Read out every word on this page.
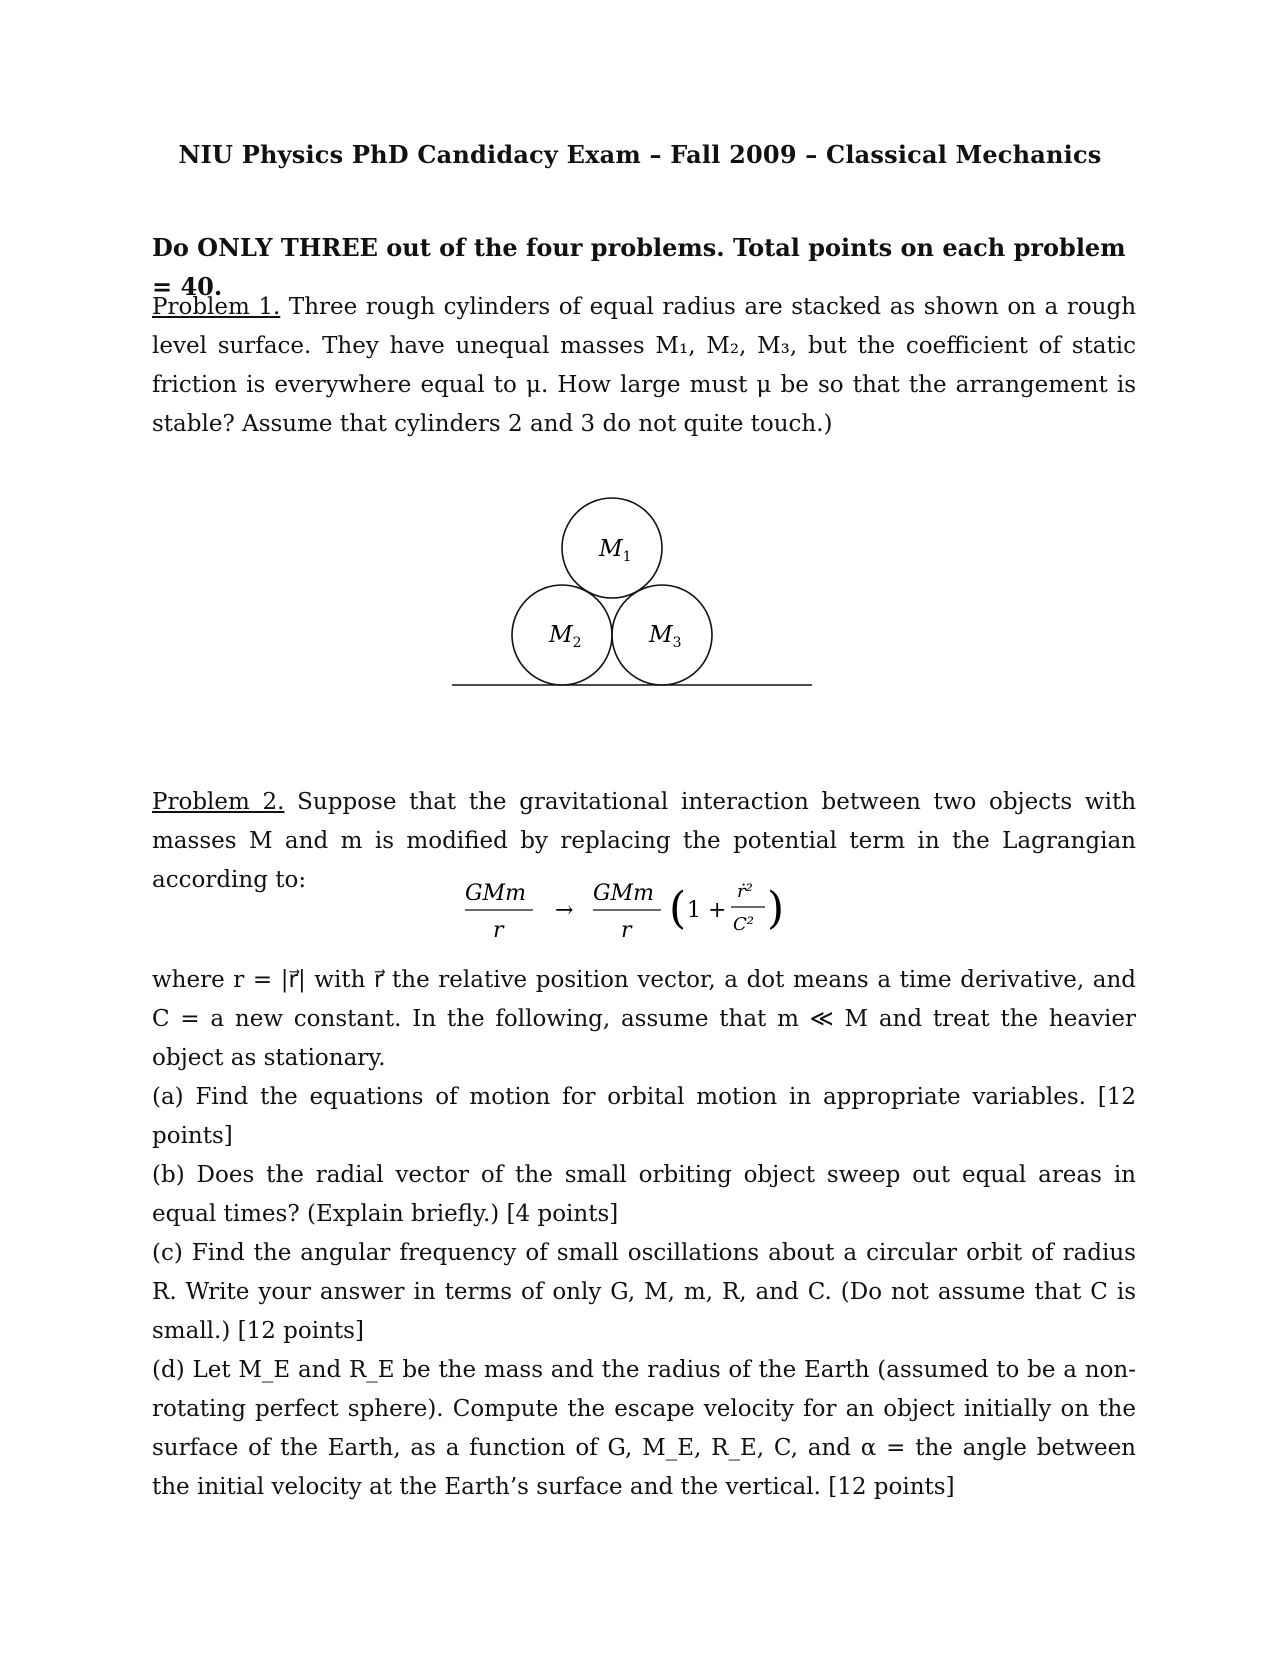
NIU Physics PhD Candidacy Exam – Fall 2009 – Classical Mechanics
Do ONLY THREE out of the four problems. Total points on each problem = 40.
Problem 1. Three rough cylinders of equal radius are stacked as shown on a rough level surface. They have unequal masses M₁, M₂, M₃, but the coefficient of static friction is everywhere equal to μ. How large must μ be so that the arrangement is stable? Assume that cylinders 2 and 3 do not quite touch.)
$M_1$
$M_2$	$M_3$
Problem 2. Suppose that the gravitational interaction between two objects with masses M and m is modified by replacing the potential term in the Lagrangian according to:
GMm
r
→
GMm
r ( 1 +
ṙ²
C² )
where r = |r⃗| with r⃗ the relative position vector, a dot means a time derivative, and C = a new constant. In the following, assume that m ≪ M and treat the heavier object as stationary.
(a) Find the equations of motion for orbital motion in appropriate variables. [12 points]
(b) Does the radial vector of the small orbiting object sweep out equal areas in equal times? (Explain briefly.) [4 points]
(c) Find the angular frequency of small oscillations about a circular orbit of radius R. Write your answer in terms of only G, M, m, R, and C. (Do not assume that C is small.) [12 points]
(d) Let M_E and R_E be the mass and the radius of the Earth (assumed to be a non-rotating perfect sphere). Compute the escape velocity for an object initially on the surface of the Earth, as a function of G, M_E, R_E, C, and α = the angle between the initial velocity at the Earth’s surface and the vertical. [12 points]
